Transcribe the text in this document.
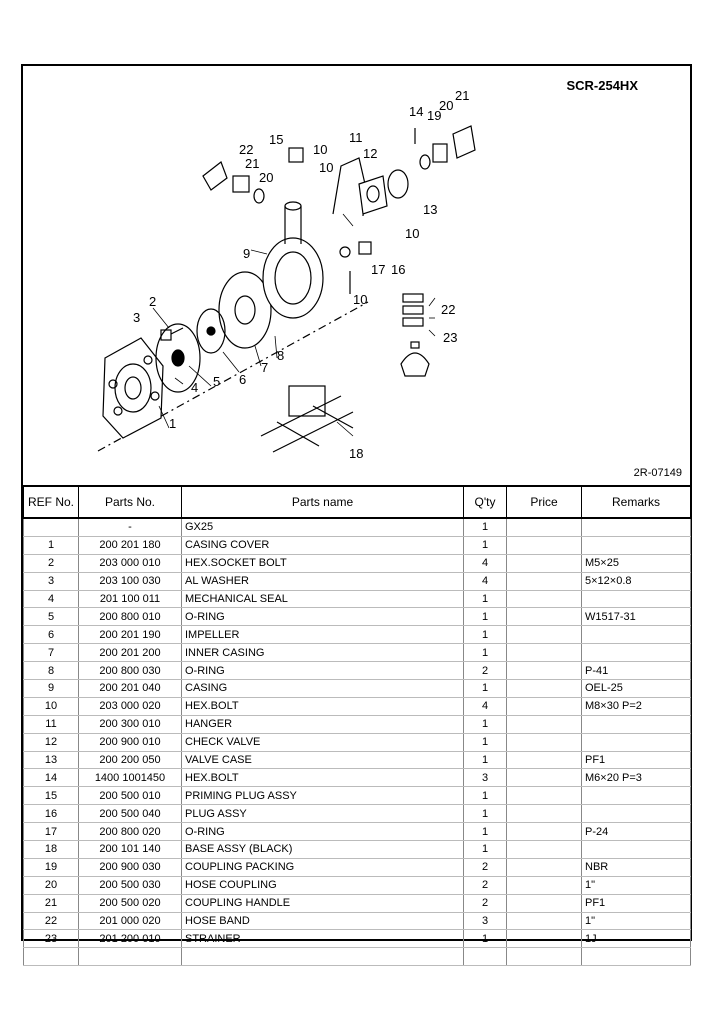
1
2
3
4 5 6
7
8
9
10
10
10
10
11
12
13
14
15
16
17
18
19
20
20
21
21
22
22
23
SCR-254HX
2R-07149
REF No.	Parts No.	Parts name	Q'ty	Price	Remarks
	-	GX25	1		
1	200 201 180	CASING COVER	1		
2	203 000 010	HEX.SOCKET BOLT	4		M5×25
3	203 100 030	AL WASHER	4		5×12×0.8
4	201 100 011	MECHANICAL SEAL	1		
5	200 800 010	O-RING	1		W1517-31
6	200 201 190	IMPELLER	1		
7	200 201 200	INNER CASING	1		
8	200 800 030	O-RING	2		P-41
9	200 201 040	CASING	1		OEL-25
10	203 000 020	HEX.BOLT	4		M8×30 P=2
11	200 300 010	HANGER	1		
12	200 900 010	CHECK VALVE	1		
13	200 200 050	VALVE CASE	1		PF1
14	1400 1001450	HEX.BOLT	3		M6×20 P=3
15	200 500 010	PRIMING PLUG ASSY	1		
16	200 500 040	PLUG ASSY	1		
17	200 800 020	O-RING	1		P-24
18	200 101 140	BASE ASSY (BLACK)	1		
19	200 900 030	COUPLING PACKING	2		NBR
20	200 500 030	HOSE COUPLING	2		1"
21	200 500 020	COUPLING HANDLE	2		PF1
22	201 000 020	HOSE BAND	3		1"
23	201 200 010	STRAINER	1		1J
